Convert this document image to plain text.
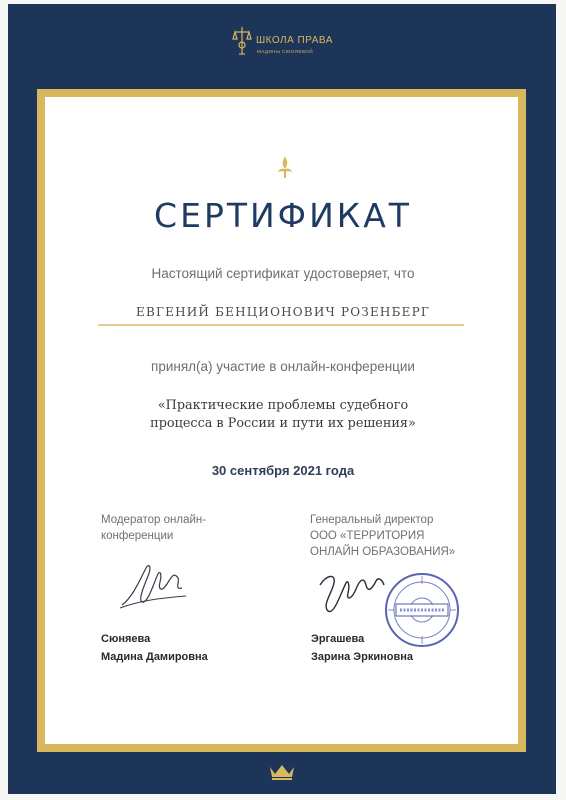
ШКОЛА ПРАВА
МАДИНЫ СЮНЯЕВОЙ
СЕРТИФИКАТ
Настоящий сертификат удостоверяет, что
ЕВГЕНИЙ БЕНЦИОНОВИЧ РОЗЕНБЕРГ
принял(а) участие в онлайн-конференции
«Практические проблемы судебного
процесса в России и пути их решения»
30 сентября 2021 года
Модератор онлайн-
конференции
Сюняева
Мадина Дамировна
Генеральный директор
ООО «ТЕРРИТОРИЯ
ОНЛАЙН ОБРАЗОВАНИЯ»
Эргашева
Зарина Эркиновна
